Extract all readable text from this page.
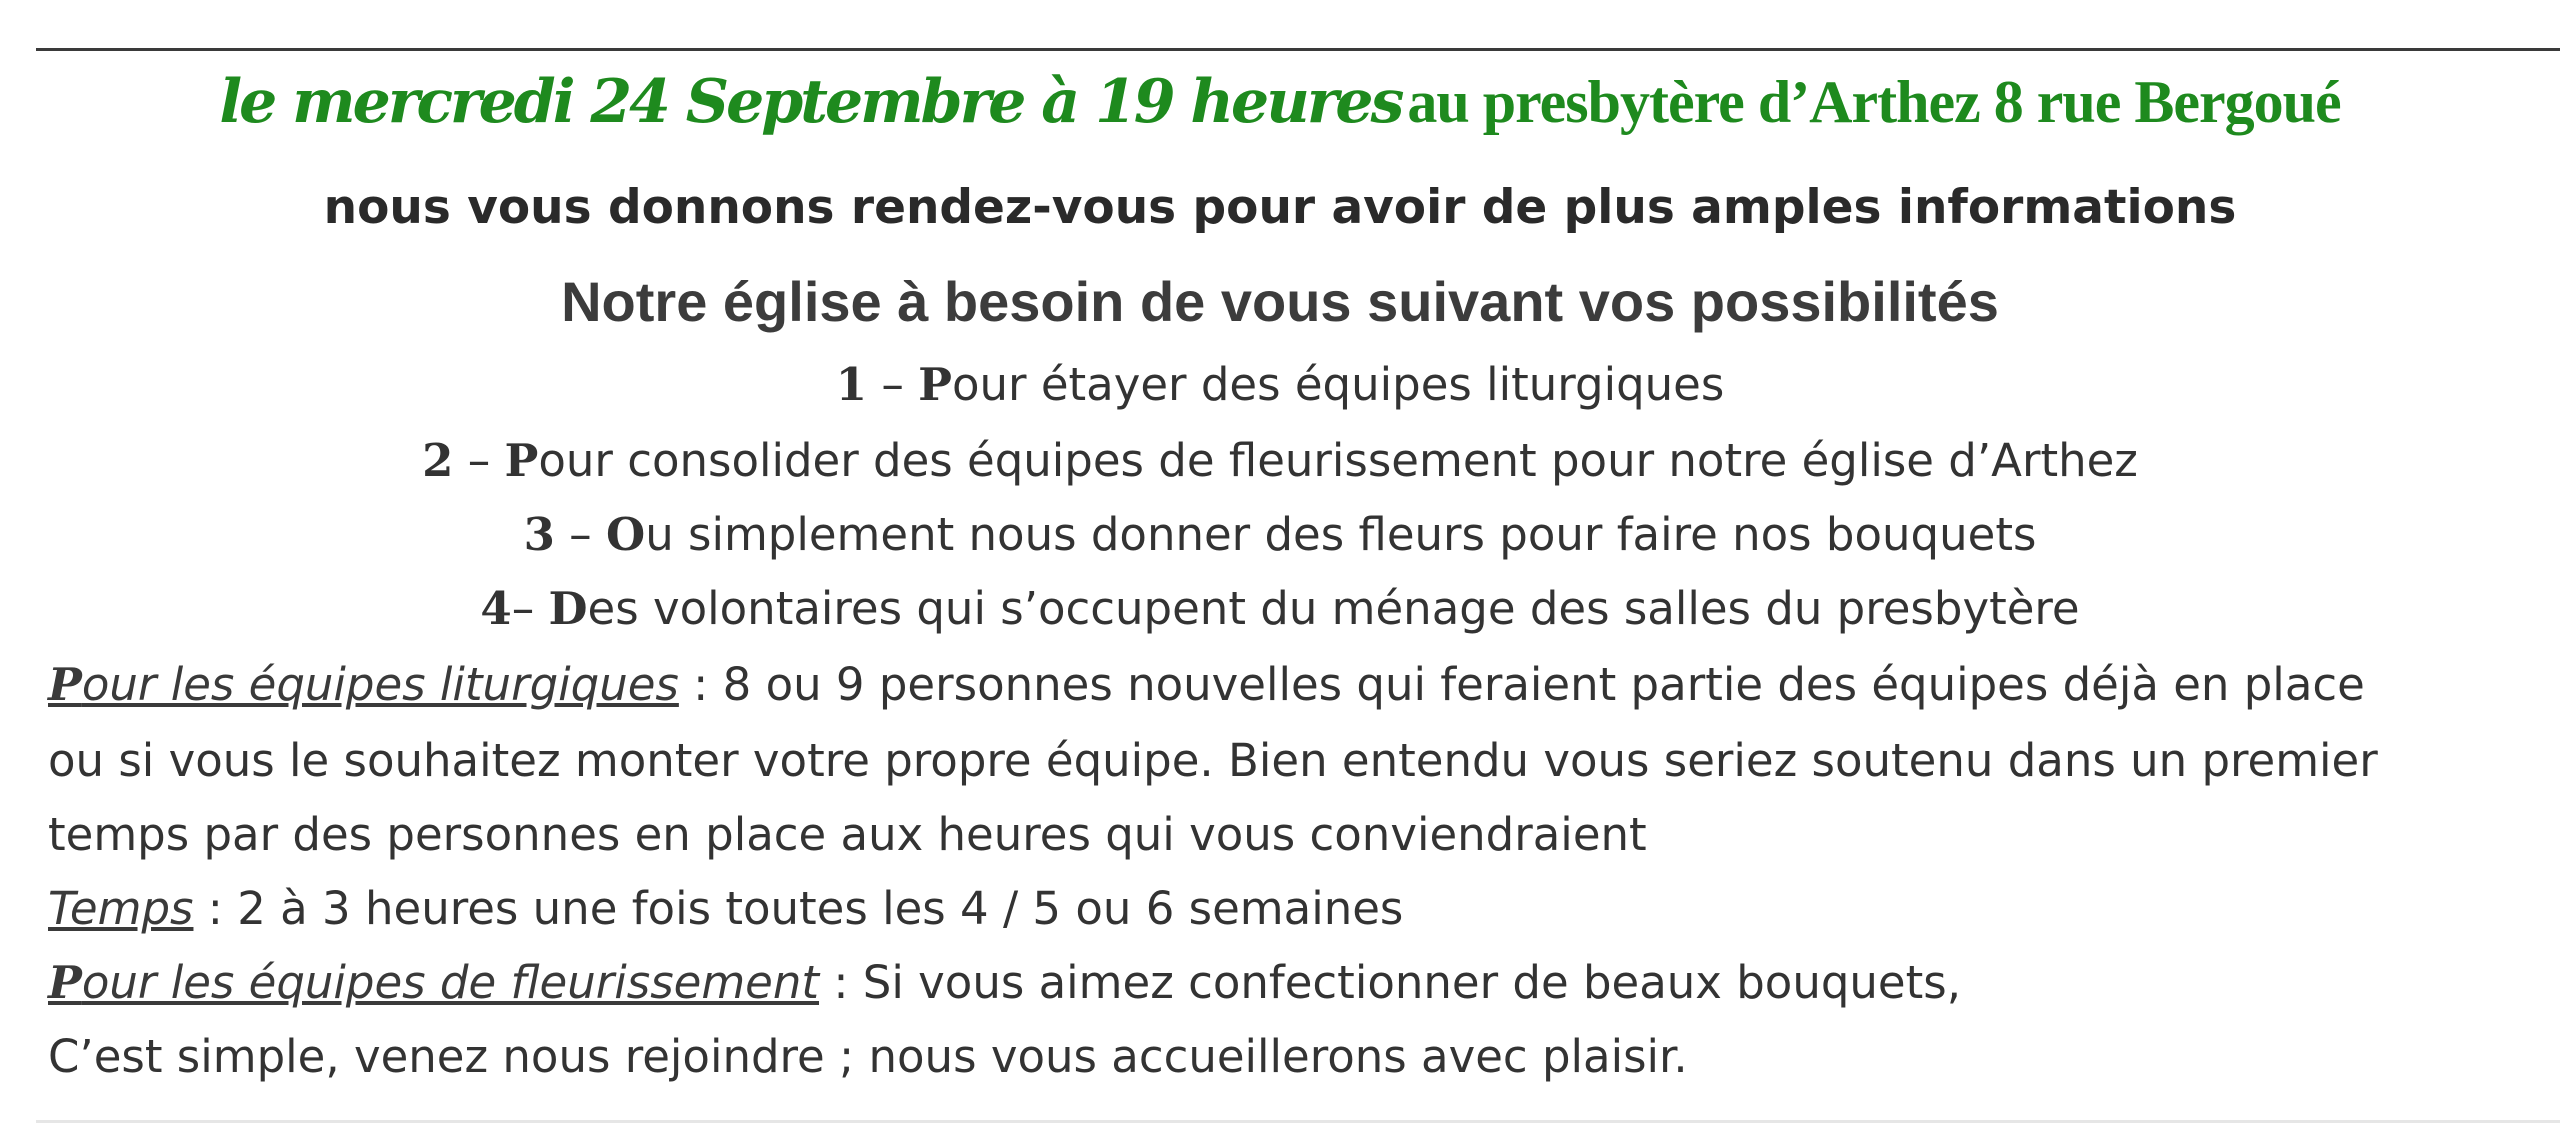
le mercredi 24 Septembre à 19 heures au presbytère d’Arthez 8 rue Bergoué
nous vous donnons rendez-vous pour avoir de plus amples informations
Notre église à besoin de vous suivant vos possibilités
1 – Pour étayer des équipes liturgiques
2 – Pour consolider des équipes de fleurissement pour notre église d’Arthez
3 – Ou simplement nous donner des fleurs pour faire nos bouquets
4– Des volontaires qui s’occupent du ménage des salles du presbytère
Pour les équipes liturgiques : 8 ou 9 personnes nouvelles qui feraient partie des équipes déjà en place
ou si vous le souhaitez monter votre propre équipe. Bien entendu vous seriez soutenu dans un premier
temps par des personnes en place aux heures qui vous conviendraient
Temps : 2 à 3 heures une fois toutes les 4 / 5 ou 6 semaines
Pour les équipes de fleurissement : Si vous aimez confectionner de beaux bouquets,
C’est simple, venez nous rejoindre ; nous vous accueillerons avec plaisir.
